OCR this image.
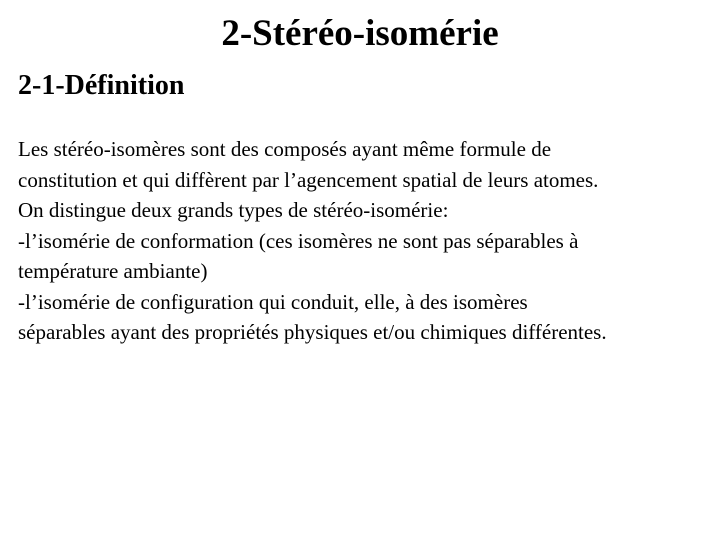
2-Stéréo-isomérie
2-1-Définition
Les stéréo-isomères sont des composés ayant même formule de
constitution et qui diffèrent par l’agencement spatial de leurs atomes.
On distingue deux grands types de stéréo-isomérie:
-l’isomérie de conformation (ces isomères ne sont pas séparables à
température ambiante)
-l’isomérie de configuration qui conduit, elle, à des isomères
séparables ayant des propriétés physiques et/ou chimiques différentes.
